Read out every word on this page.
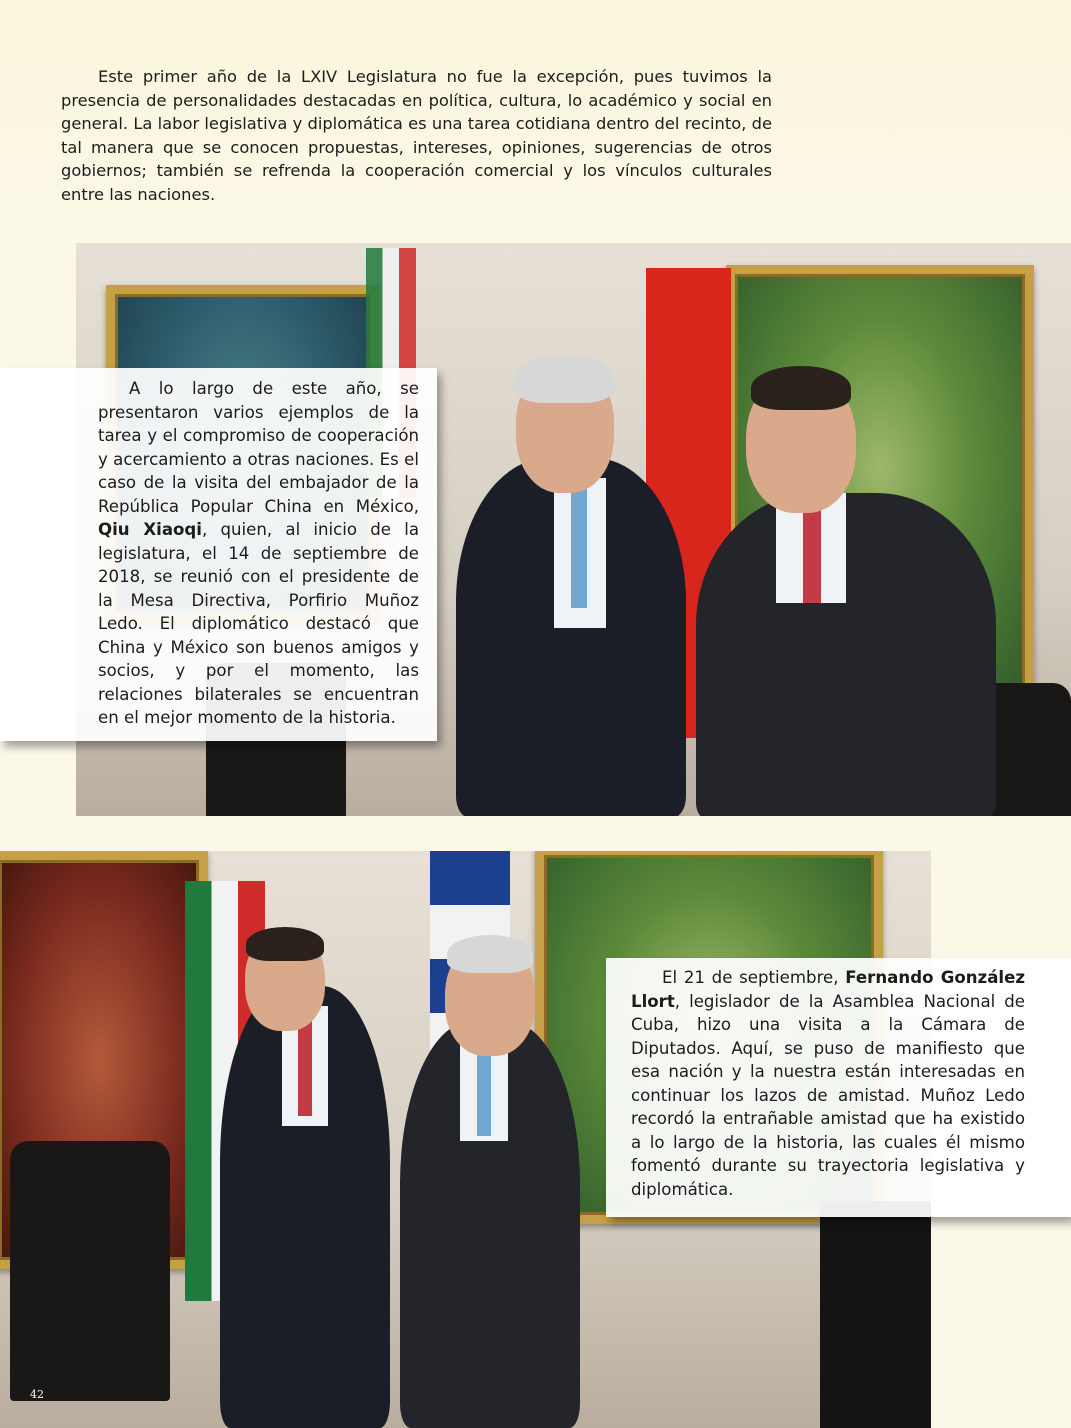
Este primer año de la LXIV Legislatura no fue la excepción, pues tuvimos la presencia de personalidades destacadas en política, cultura, lo académico y social en general. La labor legislativa y diplomática es una tarea cotidiana dentro del recinto, de tal manera que se conocen propuestas, intereses, opiniones, sugerencias de otros gobiernos; también se refrenda la cooperación comercial y los vínculos culturales entre las naciones.

A lo largo de este año, se presentaron varios ejemplos de la tarea y el compromiso de cooperación y acercamiento a otras naciones. Es el caso de la visita del embajador de la República Popular China en México, Qiu Xiaoqi, quien, al inicio de la legislatura, el 14 de septiembre de 2018, se reunió con el presidente de la Mesa Directiva, Porfirio Muñoz Ledo. El diplomático destacó que China y México son buenos amigos y socios, y por el momento, las relaciones bilaterales se encuentran en el mejor momento de la historia.

El 21 de septiembre, Fernando González Llort, legislador de la Asamblea Nacional de Cuba, hizo una visita a la Cámara de Diputados. Aquí, se puso de manifiesto que esa nación y la nuestra están interesadas en continuar los lazos de amistad. Muñoz Ledo recordó la entrañable amistad que ha existido a lo largo de la historia, las cuales él mismo fomentó durante su trayectoria legislativa y diplomática.

42
